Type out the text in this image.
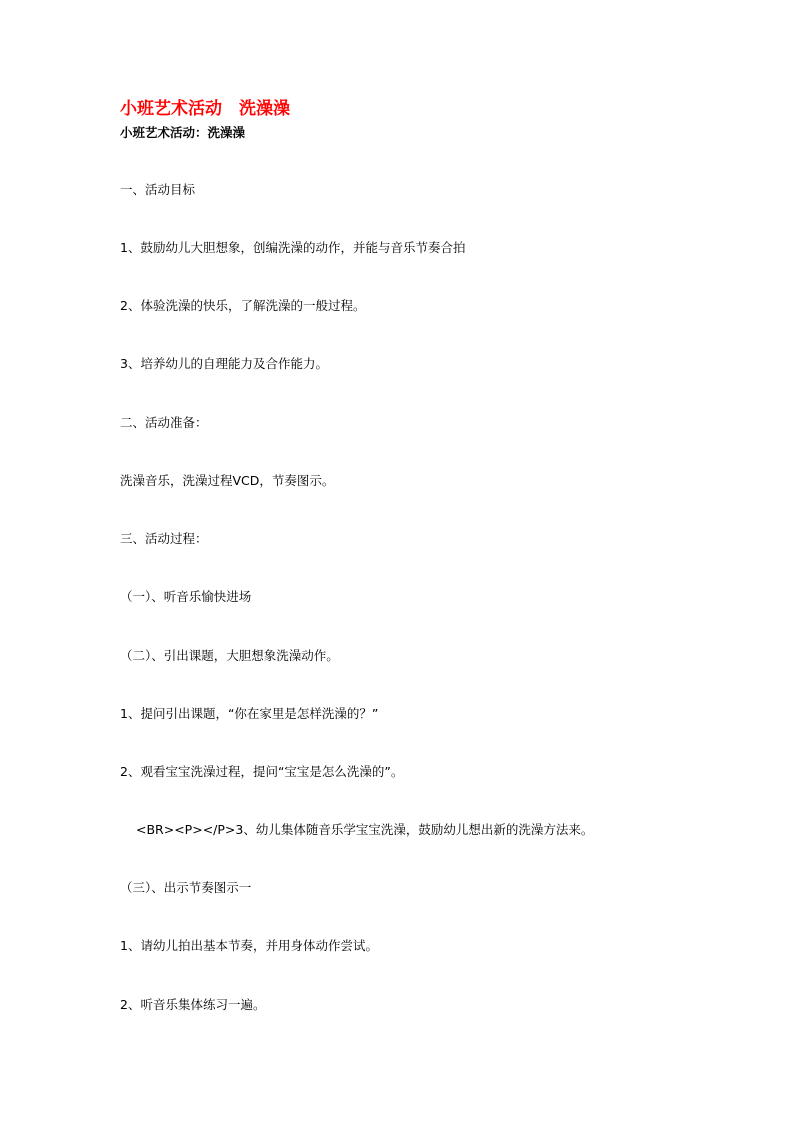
小班艺术活动　洗澡澡
小班艺术活动：洗澡澡
一、活动目标
1、鼓励幼儿大胆想象，创编洗澡的动作，并能与音乐节奏合拍
2、体验洗澡的快乐，了解洗澡的一般过程。
3、培养幼儿的自理能力及合作能力。
二、活动准备：
洗澡音乐，洗澡过程VCD，节奏图示。
三、活动过程：
（一）、听音乐愉快进场
（二）、引出课题，大胆想象洗澡动作。
1、提问引出课题，“你在家里是怎样洗澡的？”
2、观看宝宝洗澡过程，提问“宝宝是怎么洗澡的”。
<BR><P></P>3、幼儿集体随音乐学宝宝洗澡，鼓励幼儿想出新的洗澡方法来。
（三）、出示节奏图示一
1、请幼儿拍出基本节奏，并用身体动作尝试。
2、听音乐集体练习一遍。
